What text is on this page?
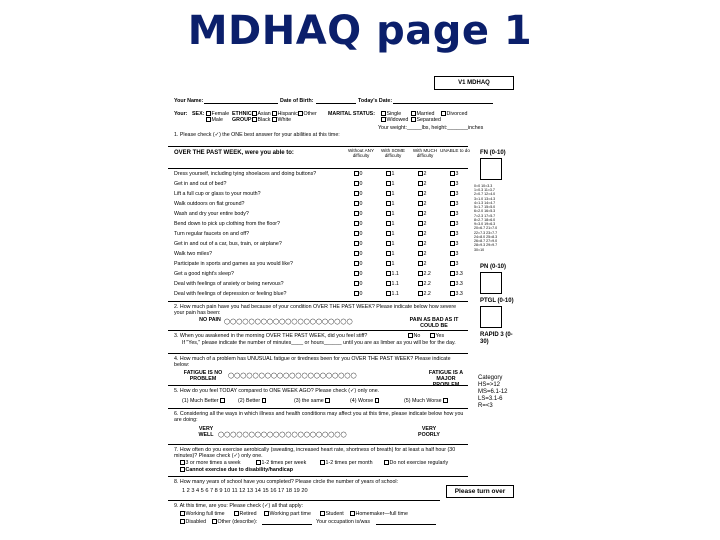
MDHAQ page 1
V1 MDHAQ
Your Name:	Date of Birth:	Today's Date:
Your: SEX:	Female
Male
ETHNIC
GROUP:
Asian	Hispanic	Other
Black	White
MARITAL STATUS:	Single	Married	Divorced
Widowed	Separated
Your weight:_____lbs, height:_______inches
1. Please check (✓) the ONE best answer for your abilities at this time:
OVER THE PAST WEEK, were you able to:	Without ANY difficulty
With SOME difficulty
With MUCH difficulty
UNABLE to do
Dress yourself, including tying shoelaces and doing buttons?	0	1	2	3
Get in and out of bed?	0	1	2	3
Lift a full cup or glass to your mouth?	0	1	2	3
Walk outdoors on flat ground?	0	1	2	3
Wash and dry your entire body?	0	1	2	3
Bend down to pick up clothing from the floor?	0	1	2	3
Turn regular faucets on and off?	0	1	2	3
Get in and out of a car, bus, train, or airplane?	0	1	2	3
Walk two miles?	0	1	2	3
Participate in sports and games as you would like?	0	1	2	3
Get a good night's sleep?	0	1.1	2.2	3.3
Deal with feelings of anxiety or being nervous?	0	1.1	2.2	3.3
Deal with feelings of depression or feeling blue?	0	1.1	2.2	3.3
FN (0-10)
0=0 10=3.3
1=0.3 11=3.7
2=0.7 12=4.0
3=1.0 13=4.3
4=1.3 14=4.7
5=1.7 15=5.0
6=2.0 16=5.3
7=2.3 17=5.7
8=2.7 18=6.0
9=3.0 19=6.3
20=6.7 21=7.0
22=7.3 23=7.7
24=8.0 25=8.3
26=8.7 27=9.0
28=9.3 29=9.7
30=10
PN (0-10)
PTGL (0-10)
RAPID 3 (0-30)
Category
HS=>12
MS=6.1-12
LS=3.1-6
R=<3
2. How much pain have you had because of your condition OVER THE PAST WEEK? Please indicate below how severe your pain has been:
NO PAIN ◯◯◯◯◯◯◯◯◯◯◯◯◯◯◯◯◯◯◯◯◯	PAIN AS BAD AS IT COULD BE
3. When you awakened in the morning OVER THE PAST WEEK, did you feel stiff?	No	Yes
If "Yes," please indicate the number of minutes____ or hours______ until you are as limber as you will be for the day.
4. How much of a problem has UNUSUAL fatigue or tiredness been for you OVER THE PAST WEEK? Please indicate below:
FATIGUE IS NO PROBLEM
◯◯◯◯◯◯◯◯◯◯◯◯◯◯◯◯◯◯◯◯◯	FATIGUE IS A MAJOR PROBLEM
5. How do you feel TODAY compared to ONE WEEK AGO? Please check (✓) only one.
(1) Much Better	(2) Better	(3) the same	(4) Worse	(5) Much Worse
6. Considering all the ways in which illness and health conditions may affect you at this time, please indicate below how you are doing:
VERY WELL ◯◯◯◯◯◯◯◯◯◯◯◯◯◯◯◯◯◯◯◯◯
VERY POORLY
7. How often do you exercise aerobically (sweating, increased heart rate, shortness of breath) for at least a half hour (30 minutes)? Please check (✓) only one.
3 or more times a week	1-2 times per week	1-2 times per month	Do not exercise regularly
Cannot exercise due to disability/handicap
8. How many years of school have you completed? Please circle the number of years of school:
1 2 3 4 5 6 7 8 9 10 11 12 13 14 15 16 17 18 19 20	Please turn over
9. At this time, are you: Please check (✓) all that apply:
Working full time	Retired	Working part time	Student	Homemaker—full time
Disabled	Other (describe):	Your occupation is/was
